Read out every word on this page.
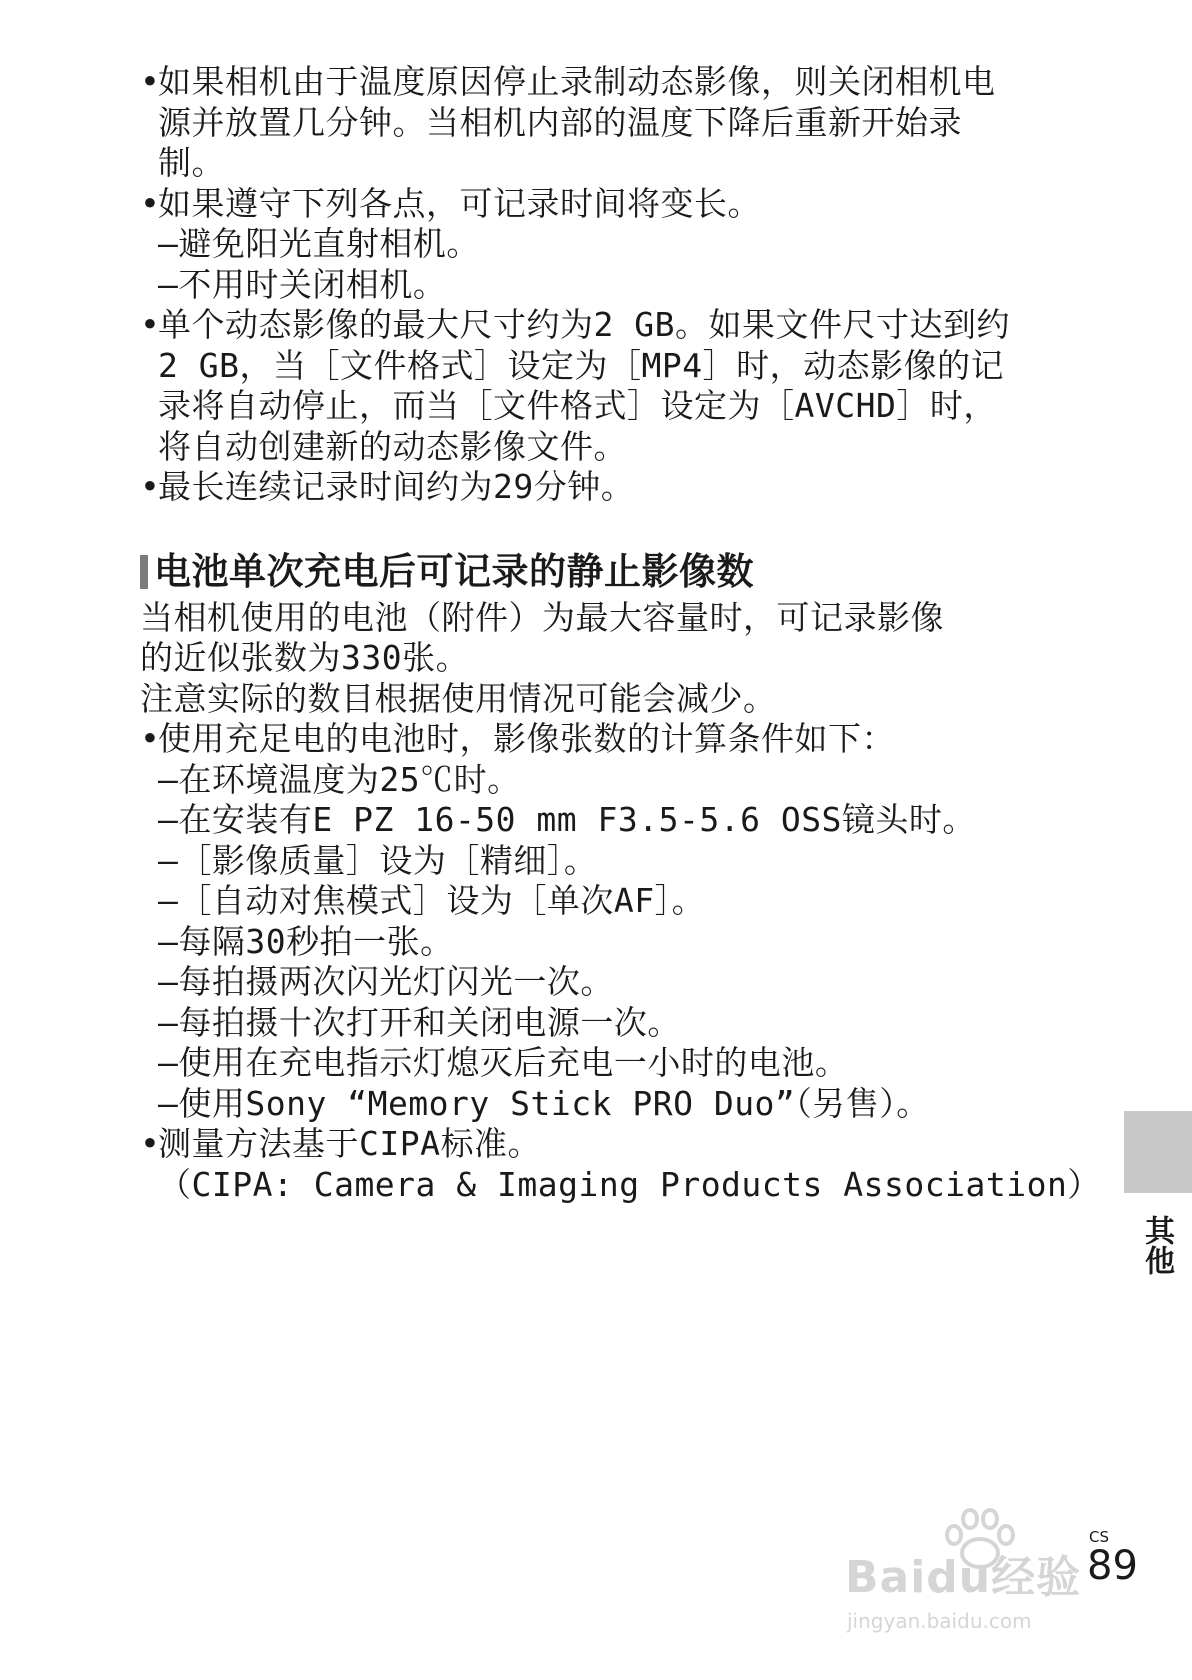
•
如果相机由于温度原因停止录制动态影像，则关闭相机电
源并放置几分钟。当相机内部的温度下降后重新开始录
制。
•
如果遵守下列各点，可记录时间将变长。
–避免阳光直射相机。
–不用时关闭相机。
•
单个动态影像的最大尺寸约为2 GB。如果文件尺寸达到约
2 GB，当［文件格式］设定为［MP4］时，动态影像的记
录将自动停止，而当［文件格式］设定为［AVCHD］时，
将自动创建新的动态影像文件。
•
最长连续记录时间约为29分钟。
电池单次充电后可记录的静止影像数
当相机使用的电池（附件）为最大容量时，可记录影像
的近似张数为330张。
注意实际的数目根据使用情况可能会减少。
•
使用充足电的电池时，影像张数的计算条件如下：
–在环境温度为25℃时。
–在安装有E PZ 16-50 mm F3.5-5.6 OSS镜头时。
–［影像质量］设为［精细］。
–［自动对焦模式］设为［单次AF］。
–每隔30秒拍一张。
–每拍摄两次闪光灯闪光一次。
–每拍摄十次打开和关闭电源一次。
–使用在充电指示灯熄灭后充电一小时的电池。
–使用Sony “Memory Stick PRO Duo”（另售）。
•
测量方法基于CIPA标准。
（CIPA: Camera & Imaging Products Association）
其他
Baidu经验
jingyan.baidu.com
CS
89
